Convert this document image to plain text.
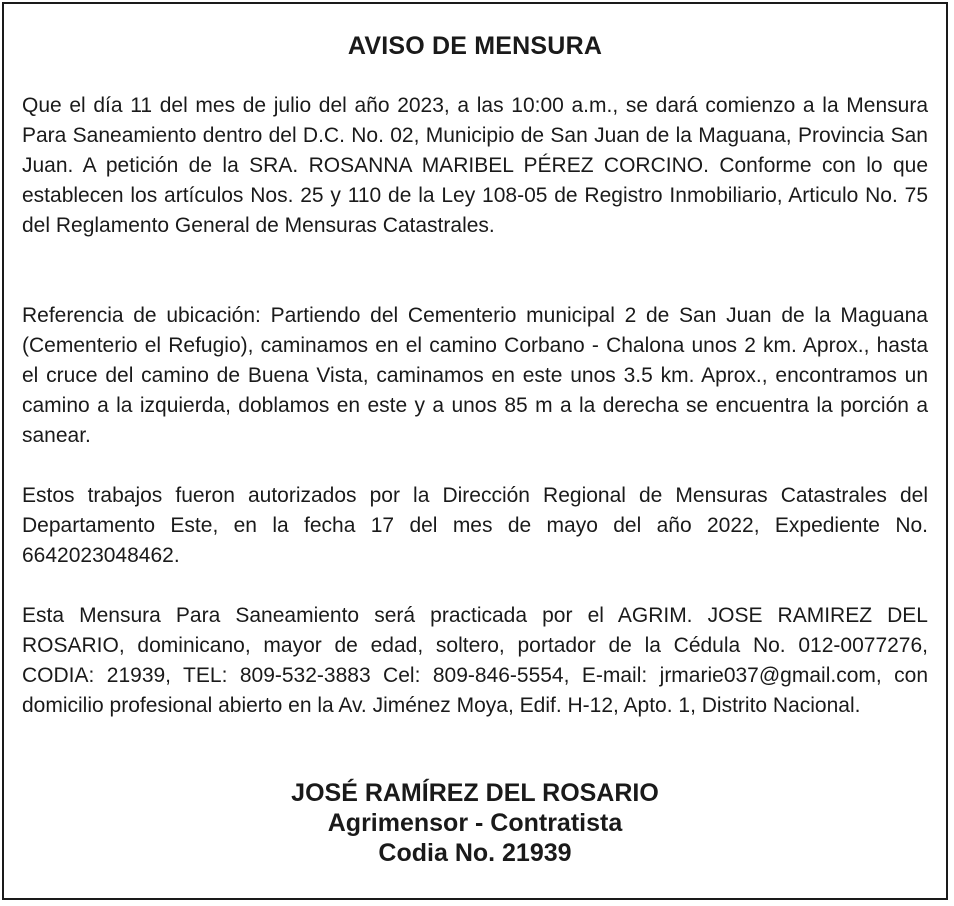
AVISO DE MENSURA

Que el día 11 del mes de julio del año 2023, a las 10:00 a.m., se dará comienzo a la Mensura Para Saneamiento dentro del D.C. No. 02, Municipio de San Juan de la Maguana, Provincia San Juan. A petición de la SRA. ROSANNA MARIBEL PÉREZ CORCINO. Conforme con lo que establecen los artículos Nos. 25 y 110 de la Ley 108-05 de Registro Inmobiliario, Articulo No. 75 del Reglamento General de Mensuras Catastrales.

Referencia de ubicación: Partiendo del Cementerio municipal 2 de San Juan de la Maguana (Cementerio el Refugio), caminamos en el camino Corbano - Chalona unos 2 km. Aprox., hasta el cruce del camino de Buena Vista, caminamos en este unos 3.5 km. Aprox., encontramos un camino a la izquierda, doblamos en este y a unos 85 m a la derecha se encuentra la porción a sanear.

Estos trabajos fueron autorizados por la Dirección Regional de Mensuras Catastrales del Departamento Este, en la fecha 17 del mes de mayo del año 2022, Expediente No. 6642023048462.

Esta Mensura Para Saneamiento será practicada por el AGRIM. JOSE RAMIREZ DEL ROSARIO, dominicano, mayor de edad, soltero, portador de la Cédula No. 012-0077276, CODIA: 21939, TEL: 809-532-3883 Cel: 809-846-5554, E-mail: jrmarie037@gmail.com, con domicilio profesional abierto en la Av. Jiménez Moya, Edif. H-12, Apto. 1, Distrito Nacional.

JOSÉ RAMÍREZ DEL ROSARIO
Agrimensor - Contratista
Codia No. 21939
